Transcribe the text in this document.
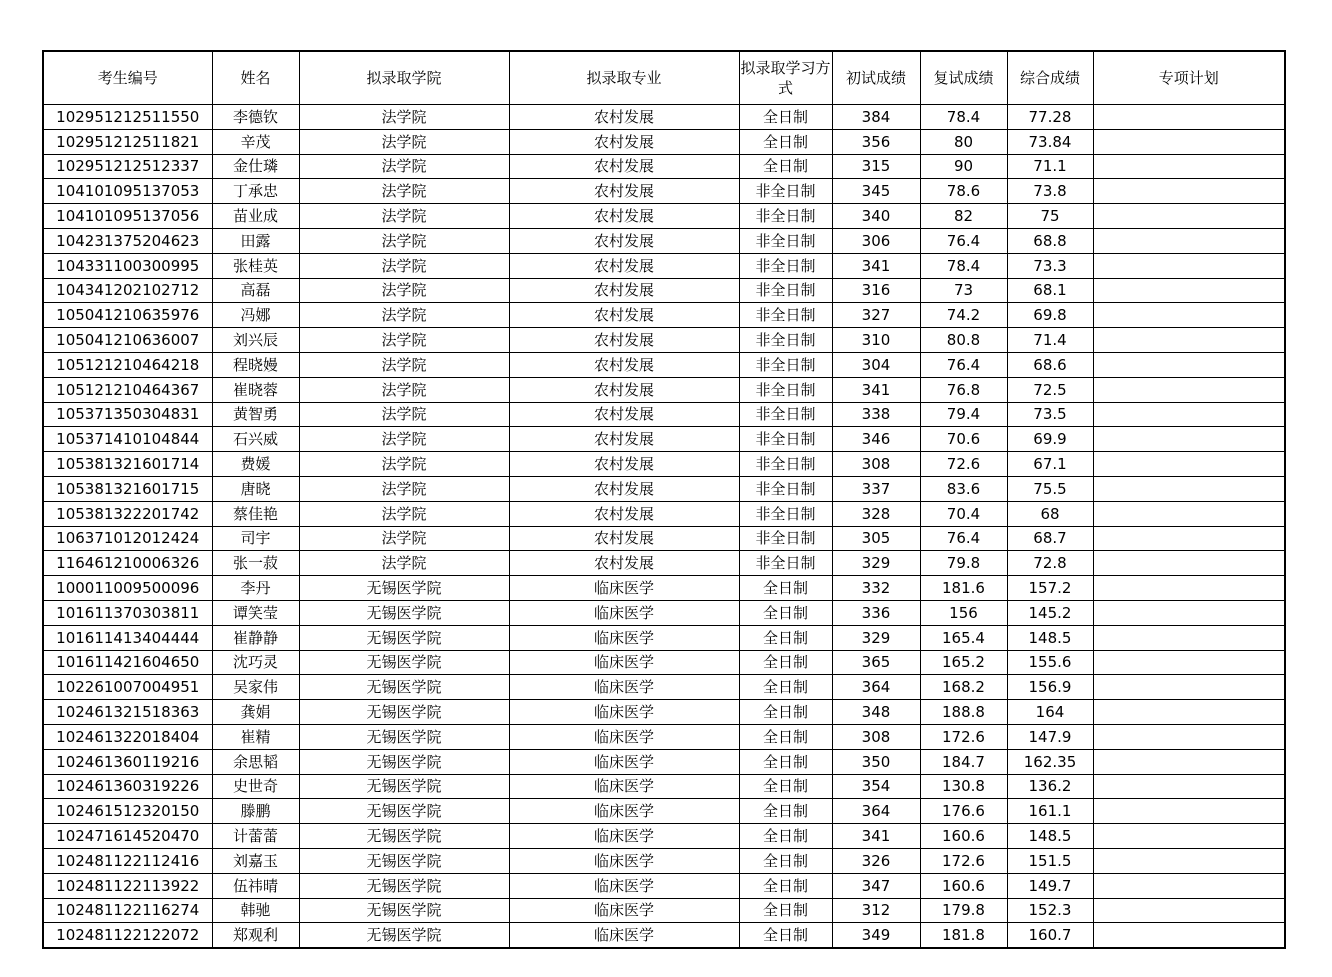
考生编号	姓名	拟录取学院	拟录取专业	拟录取学习方式	初试成绩	复试成绩	综合成绩	专项计划
102951212511550	李德钦	法学院	农村发展	全日制	384	78.4	77.28	
102951212511821	辛茂	法学院	农村发展	全日制	356	80	73.84	
102951212512337	金仕璘	法学院	农村发展	全日制	315	90	71.1	
104101095137053	丁承忠	法学院	农村发展	非全日制	345	78.6	73.8	
104101095137056	苗业成	法学院	农村发展	非全日制	340	82	75	
104231375204623	田露	法学院	农村发展	非全日制	306	76.4	68.8	
104331100300995	张桂英	法学院	农村发展	非全日制	341	78.4	73.3	
104341202102712	高磊	法学院	农村发展	非全日制	316	73	68.1	
105041210635976	冯娜	法学院	农村发展	非全日制	327	74.2	69.8	
105041210636007	刘兴辰	法学院	农村发展	非全日制	310	80.8	71.4	
105121210464218	程晓嫚	法学院	农村发展	非全日制	304	76.4	68.6	
105121210464367	崔晓蓉	法学院	农村发展	非全日制	341	76.8	72.5	
105371350304831	黄智勇	法学院	农村发展	非全日制	338	79.4	73.5	
105371410104844	石兴威	法学院	农村发展	非全日制	346	70.6	69.9	
105381321601714	费媛	法学院	农村发展	非全日制	308	72.6	67.1	
105381321601715	唐晓	法学院	农村发展	非全日制	337	83.6	75.5	
105381322201742	蔡佳艳	法学院	农村发展	非全日制	328	70.4	68	
106371012012424	司宇	法学院	农村发展	非全日制	305	76.4	68.7	
116461210006326	张一菽	法学院	农村发展	非全日制	329	79.8	72.8	
100011009500096	李丹	无锡医学院	临床医学	全日制	332	181.6	157.2	
101611370303811	谭笑莹	无锡医学院	临床医学	全日制	336	156	145.2	
101611413404444	崔静静	无锡医学院	临床医学	全日制	329	165.4	148.5	
101611421604650	沈巧灵	无锡医学院	临床医学	全日制	365	165.2	155.6	
102261007004951	吴家伟	无锡医学院	临床医学	全日制	364	168.2	156.9	
102461321518363	龚娟	无锡医学院	临床医学	全日制	348	188.8	164	
102461322018404	崔精	无锡医学院	临床医学	全日制	308	172.6	147.9	
102461360119216	余思韬	无锡医学院	临床医学	全日制	350	184.7	162.35	
102461360319226	史世奇	无锡医学院	临床医学	全日制	354	130.8	136.2	
102461512320150	滕鹏	无锡医学院	临床医学	全日制	364	176.6	161.1	
102471614520470	计蕾蕾	无锡医学院	临床医学	全日制	341	160.6	148.5	
102481122112416	刘嘉玉	无锡医学院	临床医学	全日制	326	172.6	151.5	
102481122113922	伍祎晴	无锡医学院	临床医学	全日制	347	160.6	149.7	
102481122116274	韩驰	无锡医学院	临床医学	全日制	312	179.8	152.3	
102481122122072	郑观利	无锡医学院	临床医学	全日制	349	181.8	160.7	
